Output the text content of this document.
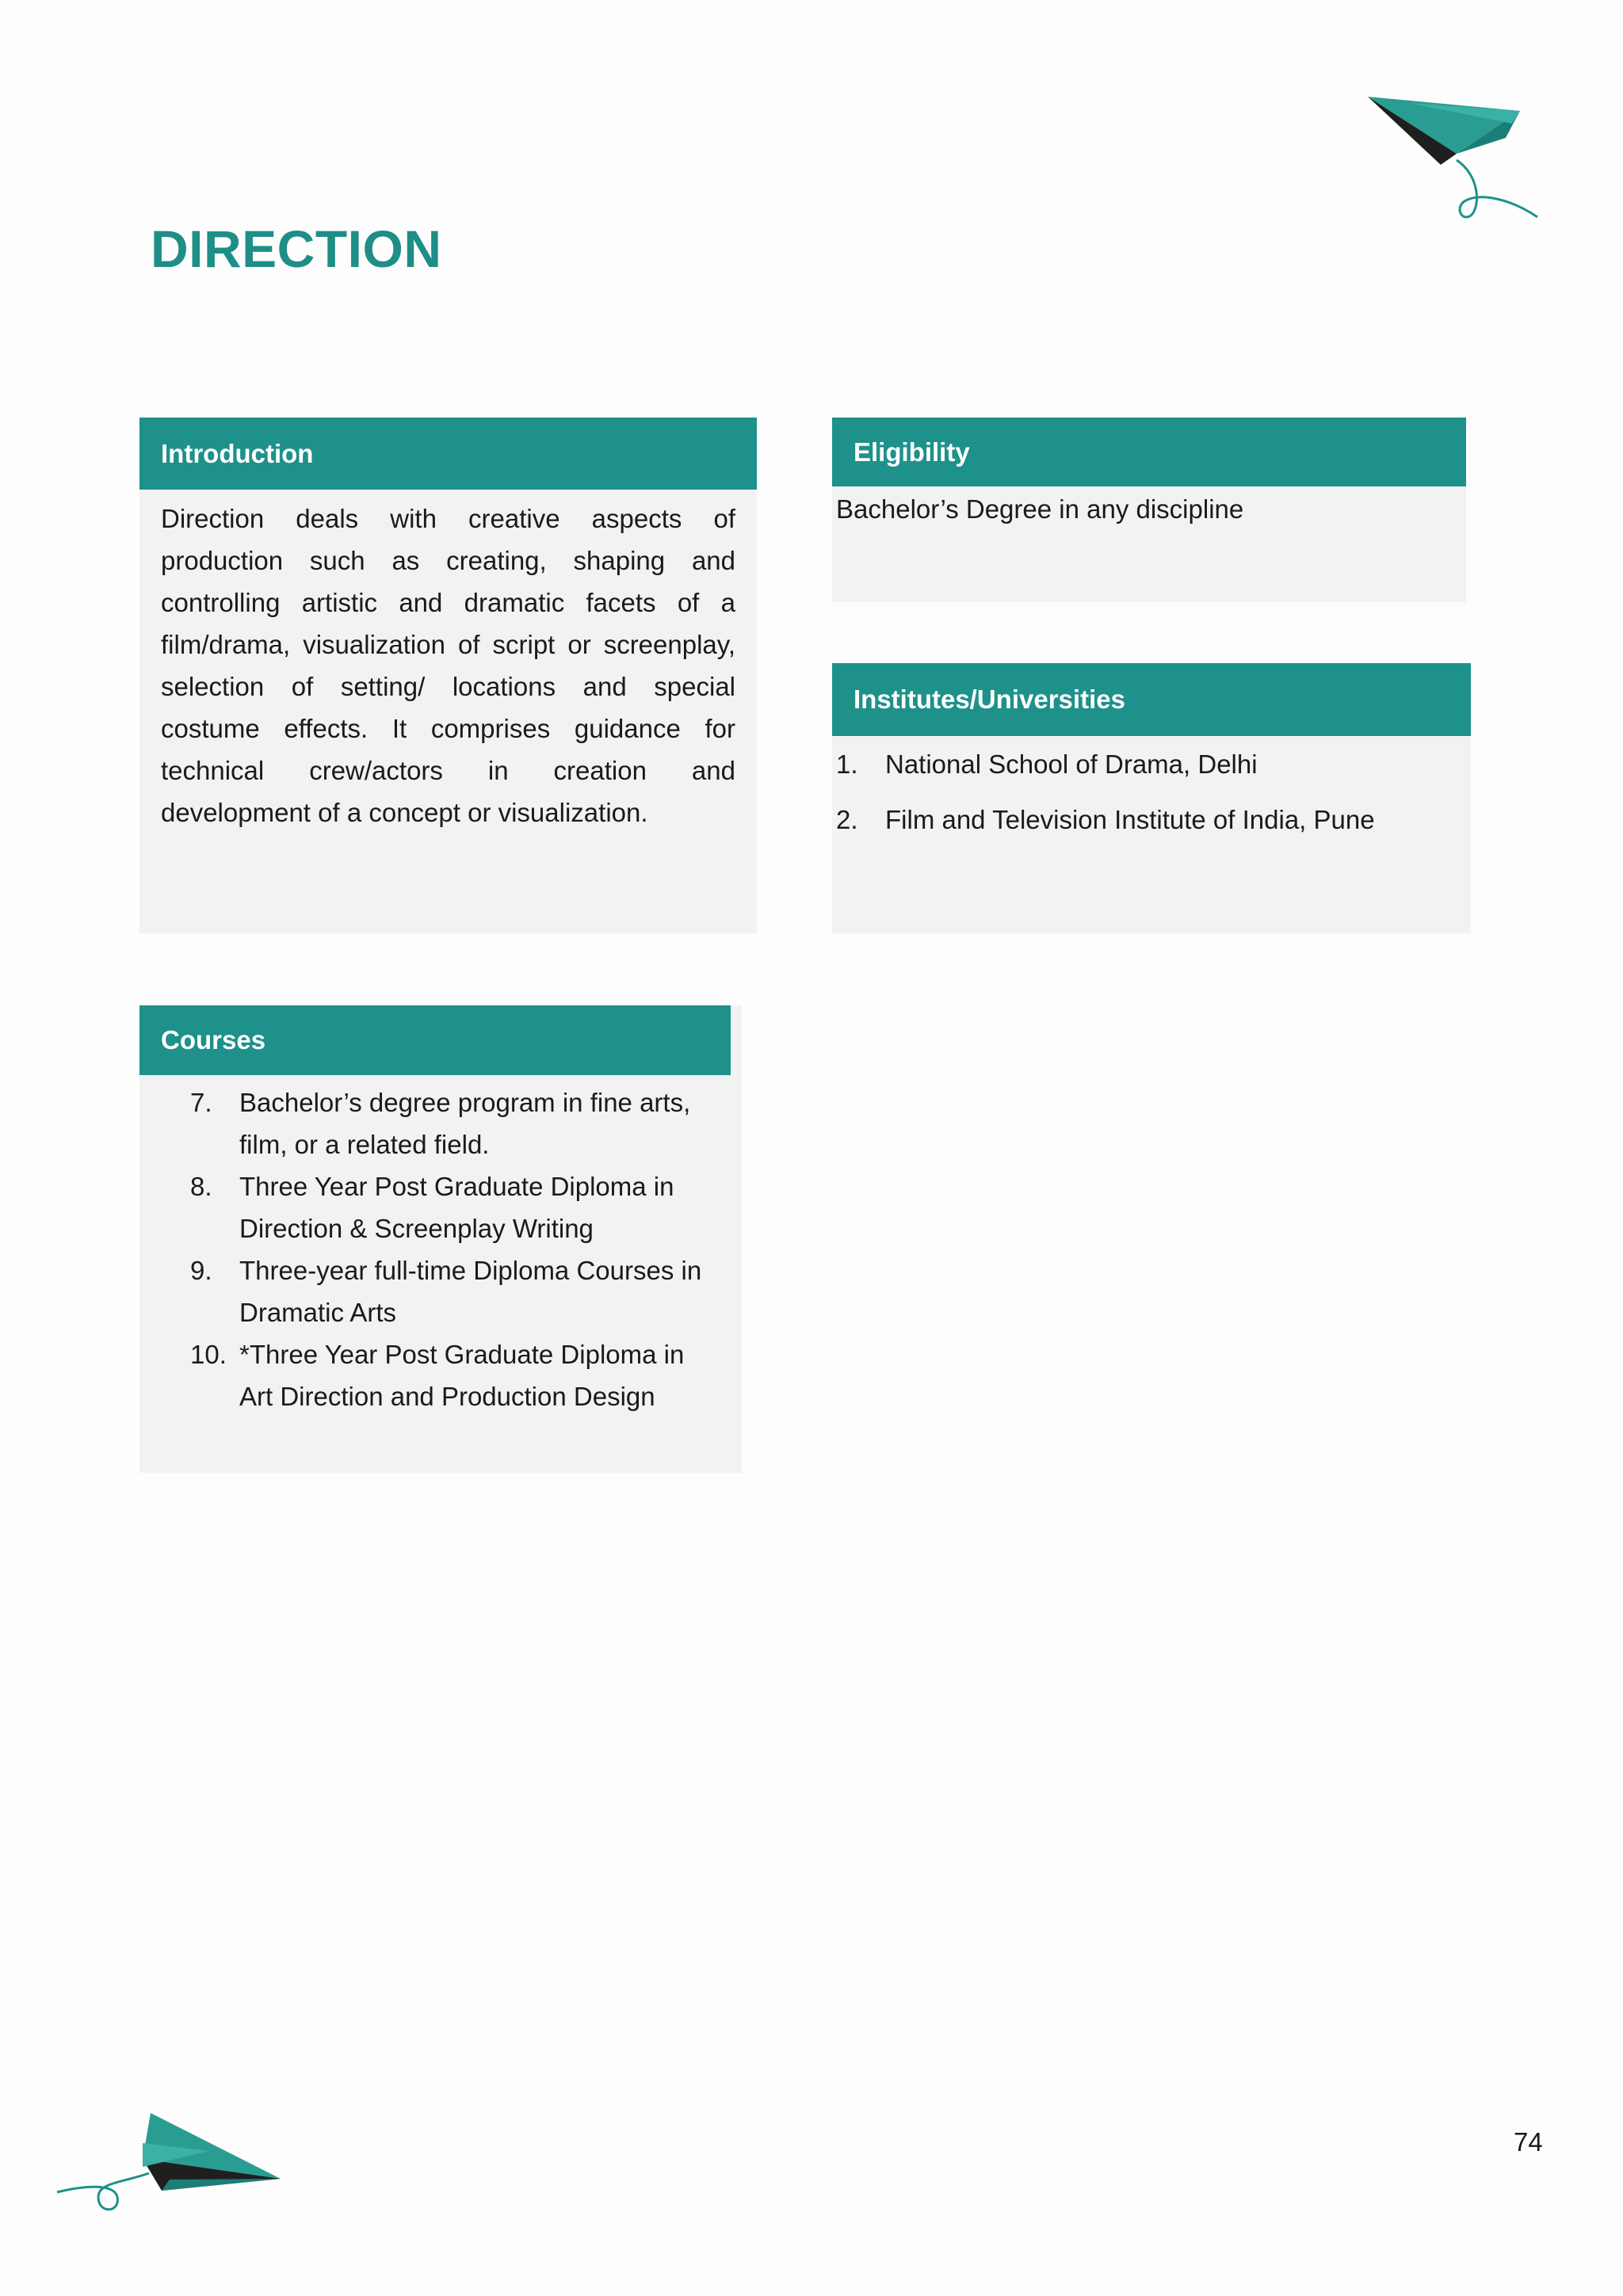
DIRECTION
Introduction
Direction deals with creative aspects of production such as creating, shaping and controlling artistic and dramatic facets of a film/drama, visualization of script or screenplay, selection of setting/ locations and special costume effects. It comprises guidance for technical crew/actors in creation and development of a concept or visualization.
Eligibility
Bachelor’s Degree in any discipline
Institutes/Universities
1.	National School of Drama, Delhi
2.	Film and Television Institute of India, Pune
Courses
7.	Bachelor’s degree program in fine arts, film, or a related field.
8.	Three Year Post Graduate Diploma in Direction & Screenplay Writing
9.	Three-year full-time Diploma Courses in Dramatic Arts
10. *Three Year Post Graduate Diploma in Art Direction and Production Design
74
